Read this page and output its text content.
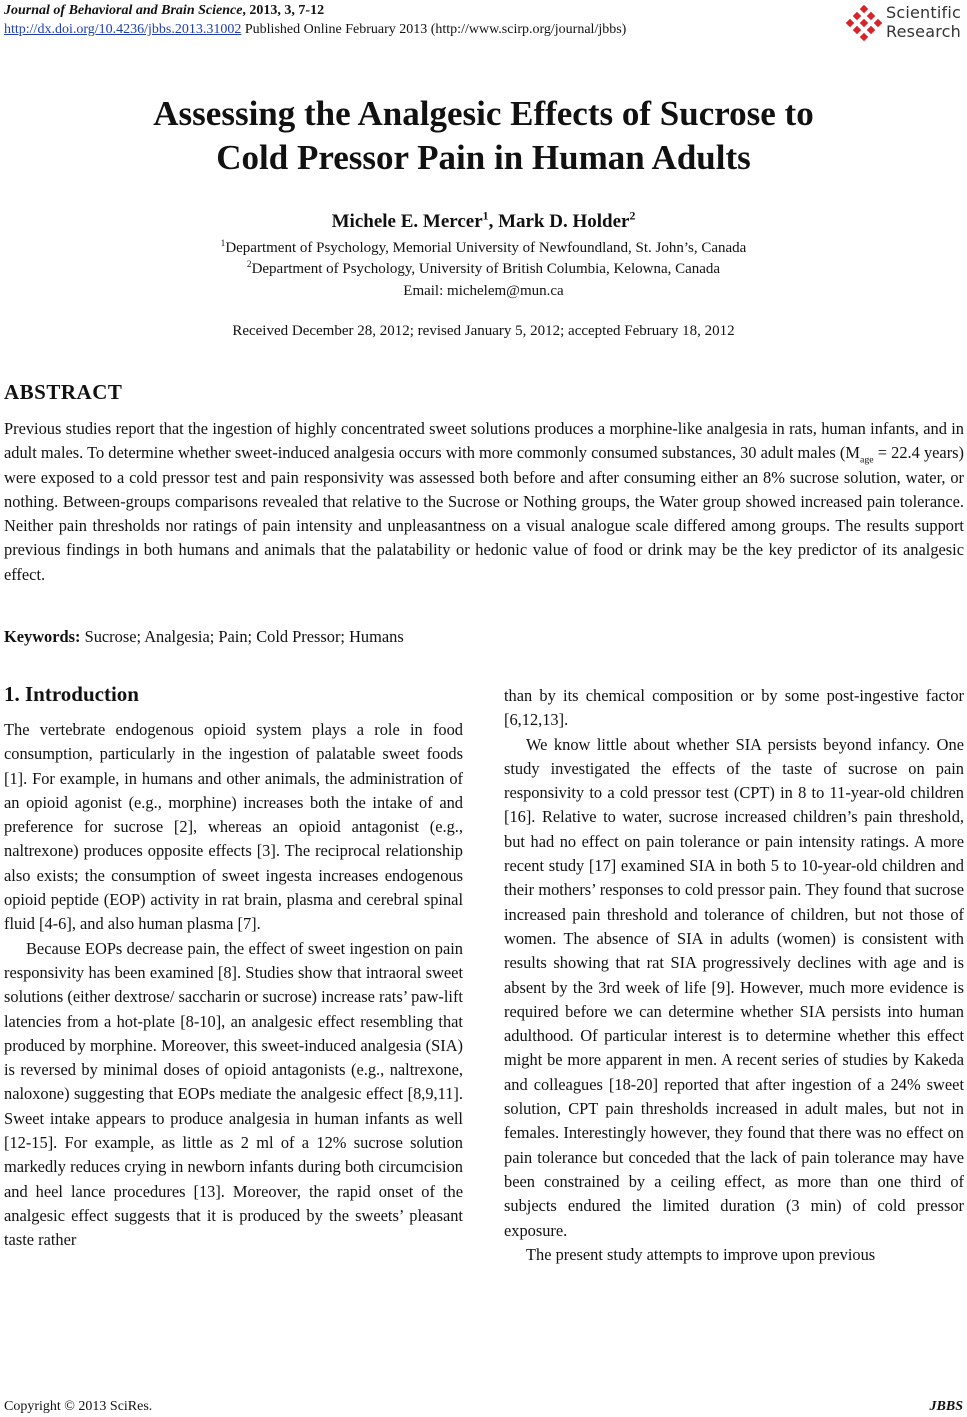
Journal of Behavioral and Brain Science, 2013, 3, 7-12
http://dx.doi.org/10.4236/jbbs.2013.31002 Published Online February 2013 (http://www.scirp.org/journal/jbbs)
Scientific
Research
Assessing the Analgesic Effects of Sucrose to
Cold Pressor Pain in Human Adults
Michele E. Mercer$^1$, Mark D. Holder$^2$
$^1$Department of Psychology, Memorial University of Newfoundland, St. John’s, Canada
$^2$Department of Psychology, University of British Columbia, Kelowna, Canada
Email: michelem@mun.ca
Received December 28, 2012; revised January 5, 2012; accepted February 18, 2012
ABSTRACT
Previous studies report that the ingestion of highly concentrated sweet solutions produces a morphine-like analgesia in rats, human infants, and in adult males. To determine whether sweet-induced analgesia occurs with more commonly consumed substances, 30 adult males ($M_{age} = 22.4$ years) were exposed to a cold pressor test and pain responsivity was assessed both before and after consuming either an 8% sucrose solution, water, or nothing. Between-groups comparisons revealed that relative to the Sucrose or Nothing groups, the Water group showed increased pain tolerance. Neither pain thresholds nor ratings of pain intensity and unpleasantness on a visual analogue scale differed among groups. The results support previous findings in both humans and animals that the palatability or hedonic value of food or drink may be the key predictor of its analgesic effect.
Keywords: Sucrose; Analgesia; Pain; Cold Pressor; Humans
1. Introduction

The vertebrate endogenous opioid system plays a role in food consumption, particularly in the ingestion of palatable sweet foods [1]. For example, in humans and other animals, the administration of an opioid agonist (e.g., morphine) increases both the intake of and preference for sucrose [2], whereas an opioid antagonist (e.g., naltrexone) produces opposite effects [3]. The reciprocal relationship also exists; the consumption of sweet ingesta increases endogenous opioid peptide (EOP) activity in rat brain, plasma and cerebral spinal fluid [4-6], and also human plasma [7].

Because EOPs decrease pain, the effect of sweet ingestion on pain responsivity has been examined [8]. Studies show that intraoral sweet solutions (either dextrose/ saccharin or sucrose) increase rats’ paw-lift latencies from a hot-plate [8-10], an analgesic effect resembling that produced by morphine. Moreover, this sweet-induced analgesia (SIA) is reversed by minimal doses of opioid antagonists (e.g., naltrexone, naloxone) suggesting that EOPs mediate the analgesic effect [8,9,11]. Sweet intake appears to produce analgesia in human infants as well [12-15]. For example, as little as 2 ml of a 12% sucrose solution markedly reduces crying in newborn infants during both circumcision and heel lance procedures [13]. Moreover, the rapid onset of the analgesic effect suggests that it is produced by the sweets’ pleasant taste rather

than by its chemical composition or by some post-ingestive factor [6,12,13].

We know little about whether SIA persists beyond infancy. One study investigated the effects of the taste of sucrose on pain responsivity to a cold pressor test (CPT) in 8 to 11-year-old children [16]. Relative to water, sucrose increased children’s pain threshold, but had no effect on pain tolerance or pain intensity ratings. A more recent study [17] examined SIA in both 5 to 10-year-old children and their mothers’ responses to cold pressor pain. They found that sucrose increased pain threshold and tolerance of children, but not those of women. The absence of SIA in adults (women) is consistent with results showing that rat SIA progressively declines with age and is absent by the 3rd week of life [9]. However, much more evidence is required before we can determine whether SIA persists into human adulthood. Of particular interest is to determine whether this effect might be more apparent in men. A recent series of studies by Kakeda and colleagues [18-20] reported that after ingestion of a 24% sweet solution, CPT pain thresholds increased in adult males, but not in females. Interestingly however, they found that there was no effect on pain tolerance but conceded that the lack of pain tolerance may have been constrained by a ceiling effect, as more than one third of subjects endured the limited duration (3 min) of cold pressor exposure.

The present study attempts to improve upon previous

Copyright © 2013 SciRes.	JBBS
